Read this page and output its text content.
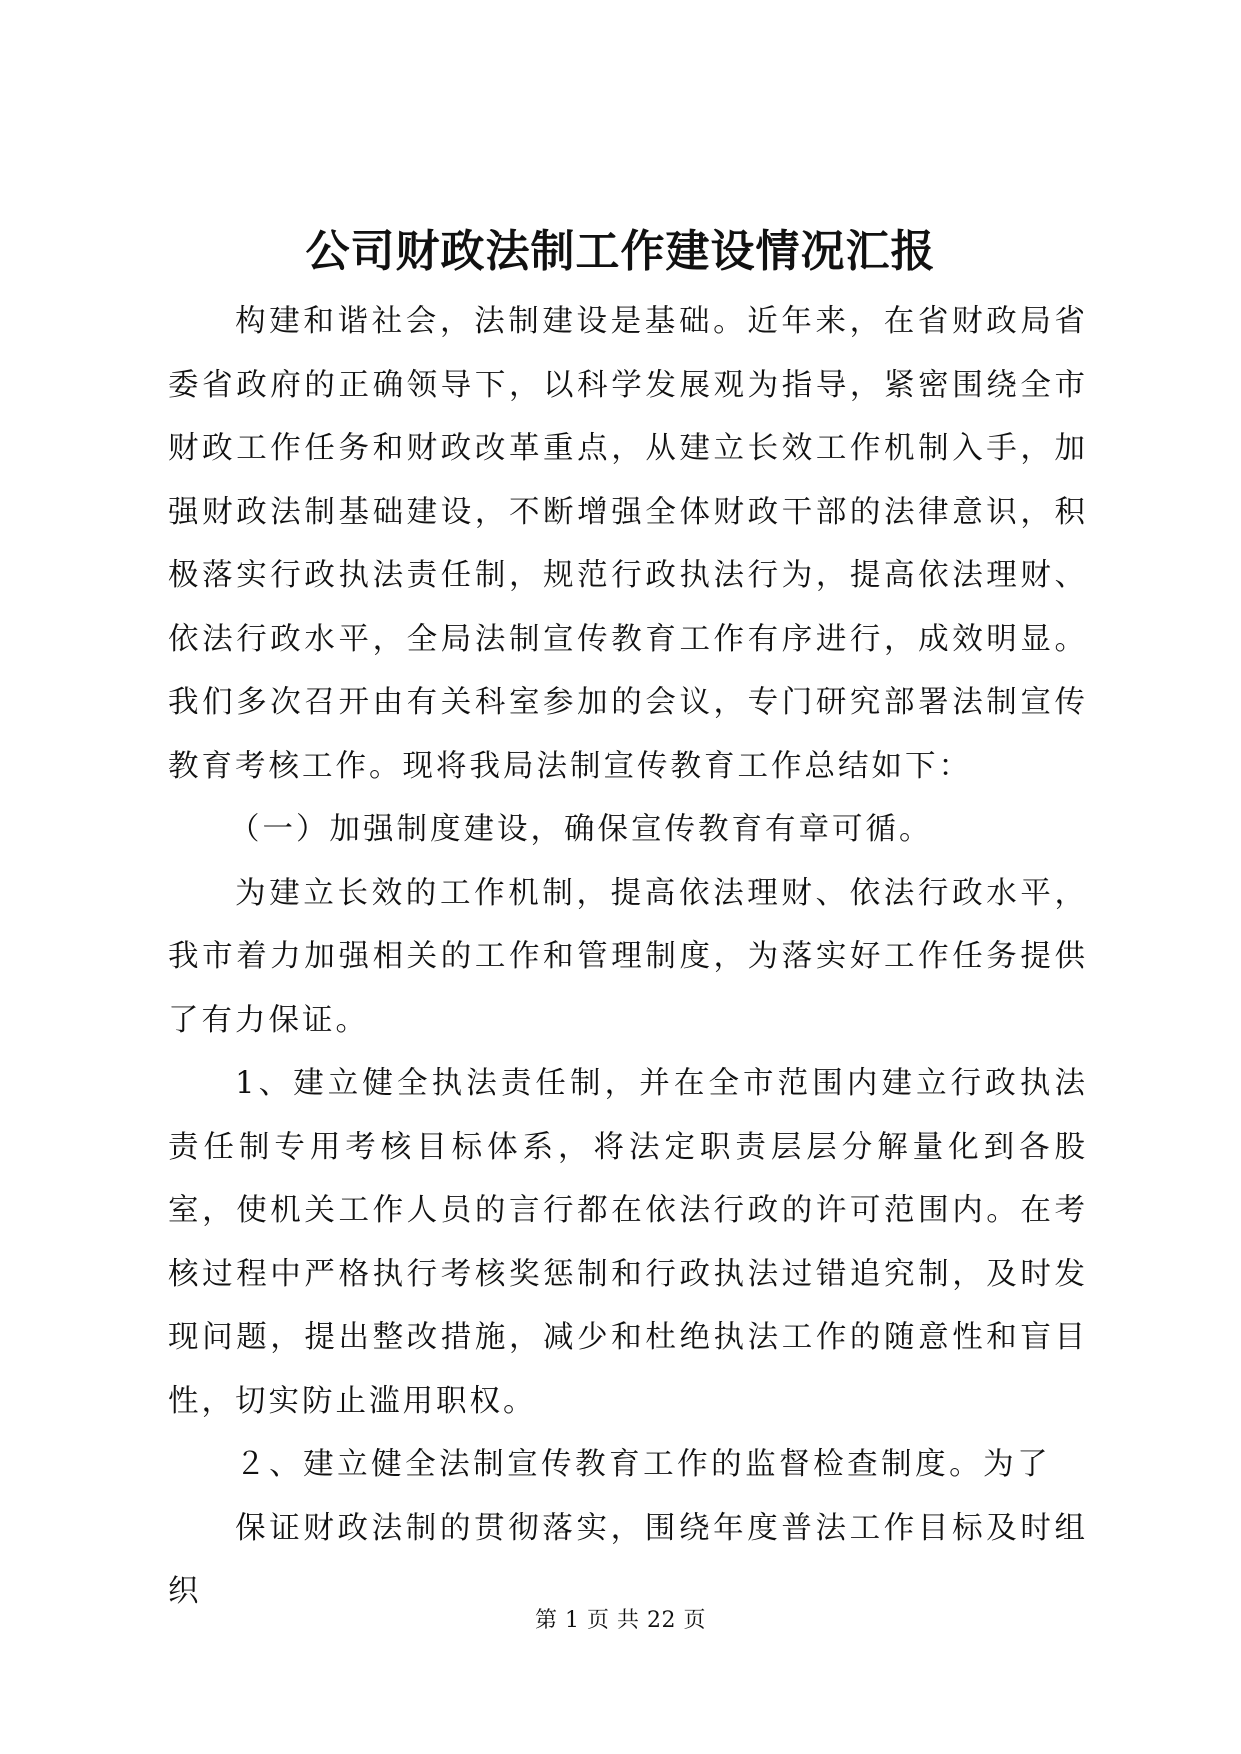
公司财政法制工作建设情况汇报

构建和谐社会，法制建设是基础。近年来，在省财政局省委省政府的正确领导下，以科学发展观为指导，紧密围绕全市财政工作任务和财政改革重点，从建立长效工作机制入手，加强财政法制基础建设，不断增强全体财政干部的法律意识，积极落实行政执法责任制，规范行政执法行为，提高依法理财、依法行政水平，全局法制宣传教育工作有序进行，成效明显。我们多次召开由有关科室参加的会议，专门研究部署法制宣传教育考核工作。现将我局法制宣传教育工作总结如下：

（一）加强制度建设，确保宣传教育有章可循。

为建立长效的工作机制，提高依法理财、依法行政水平，我市着力加强相关的工作和管理制度，为落实好工作任务提供了有力保证。

1、建立健全执法责任制，并在全市范围内建立行政执法责任制专用考核目标体系，将法定职责层层分解量化到各股室，使机关工作人员的言行都在依法行政的许可范围内。在考核过程中严格执行考核奖惩制和行政执法过错追究制，及时发现问题，提出整改措施，减少和杜绝执法工作的随意性和盲目性，切实防止滥用职权。

２、建立健全法制宣传教育工作的监督检查制度。为了

保证财政法制的贯彻落实，围绕年度普法工作目标及时组织

第 1 页 共 22 页
